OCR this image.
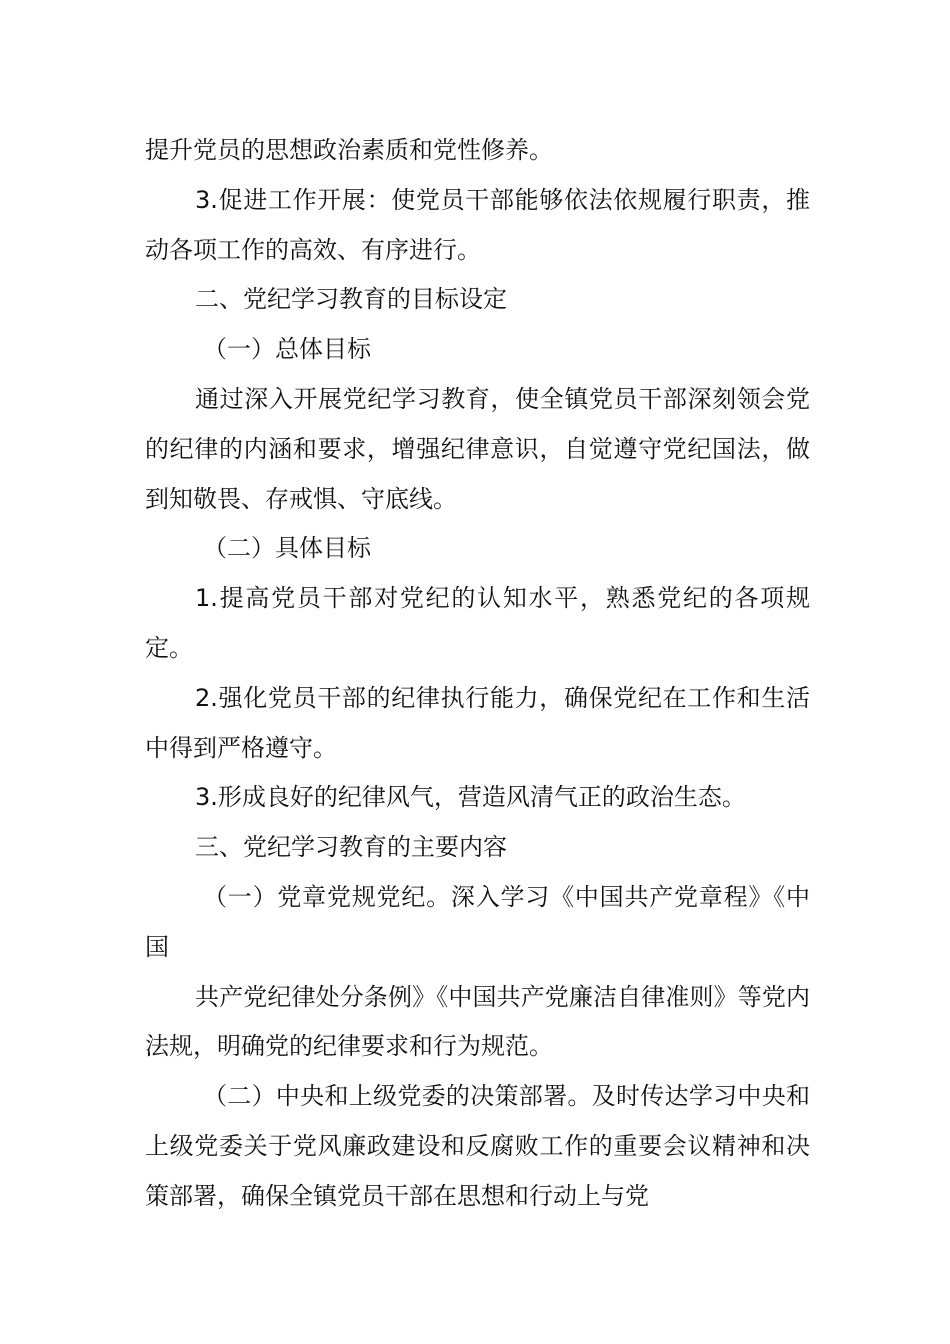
提升党员的思想政治素质和党性修养。

3.促进工作开展：使党员干部能够依法依规履行职责，推动各项工作的高效、有序进行。

二、党纪学习教育的目标设定

（一）总体目标

通过深入开展党纪学习教育，使全镇党员干部深刻领会党的纪律的内涵和要求，增强纪律意识，自觉遵守党纪国法，做到知敬畏、存戒惧、守底线。

（二）具体目标

1.提高党员干部对党纪的认知水平，熟悉党纪的各项规定。

2.强化党员干部的纪律执行能力，确保党纪在工作和生活中得到严格遵守。

3.形成良好的纪律风气，营造风清气正的政治生态。

三、党纪学习教育的主要内容

（一）党章党规党纪。深入学习《中国共产党章程》《中国

共产党纪律处分条例》《中国共产党廉洁自律准则》等党内法规，明确党的纪律要求和行为规范。

（二）中央和上级党委的决策部署。及时传达学习中央和上级党委关于党风廉政建设和反腐败工作的重要会议精神和决策部署，确保全镇党员干部在思想和行动上与党
